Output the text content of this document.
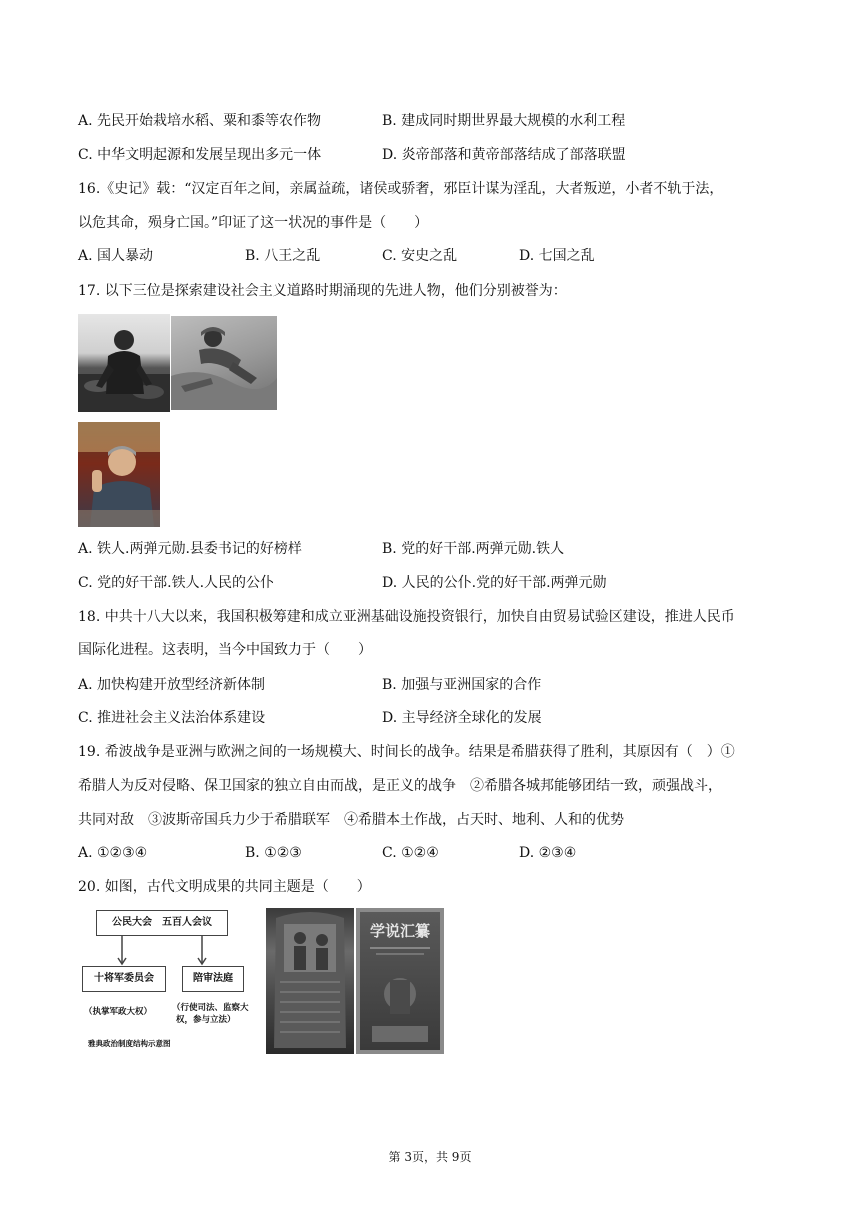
A. 先民开始栽培水稻、粟和黍等农作物	B. 建成同时期世界最大规模的水利工程
C. 中华文明起源和发展呈现出多元一体	D. 炎帝部落和黄帝部落结成了部落联盟
16.《史记》载：“汉定百年之间，亲属益疏，诸侯或骄奢，邪臣计谋为淫乱，大者叛逆，小者不轨于法，
以危其命，殒身亡国。”印证了这一状况的事件是（　　）
A. 国人暴动	B. 八王之乱	C. 安史之乱	D. 七国之乱
17. 以下三位是探索建设社会主义道路时期涌现的先进人物，他们分别被誉为：
A. 铁人.两弹元勋.县委书记的好榜样	B. 党的好干部.两弹元勋.铁人
C. 党的好干部.铁人.人民的公仆	D. 人民的公仆.党的好干部.两弹元勋
18. 中共十八大以来，我国积极筹建和成立亚洲基础设施投资银行，加快自由贸易试验区建设，推进人民币
国际化进程。这表明，当今中国致力于（　　）
A. 加快构建开放型经济新体制	B. 加强与亚洲国家的合作
C. 推进社会主义法治体系建设	D. 主导经济全球化的发展
19. 希波战争是亚洲与欧洲之间的一场规模大、时间长的战争。结果是希腊获得了胜利，其原因有（　）①
希腊人为反对侵略、保卫国家的独立自由而战，是正义的战争　②希腊各城邦能够团结一致，顽强战斗，
共同对敌　③波斯帝国兵力少于希腊联军　④希腊本土作战，占天时、地利、人和的优势
A. ①②③④	B. ①②③	C. ①②④	D. ②③④
20. 如图，古代文明成果的共同主题是（　　）
公民大会　 五百人会议
十将军委员会	陪审法庭
（执掌军政大权） （行使司法、监察大
权，参与立法）
雅典政治制度结构示意图
学说汇纂
第 3页，共 9页
